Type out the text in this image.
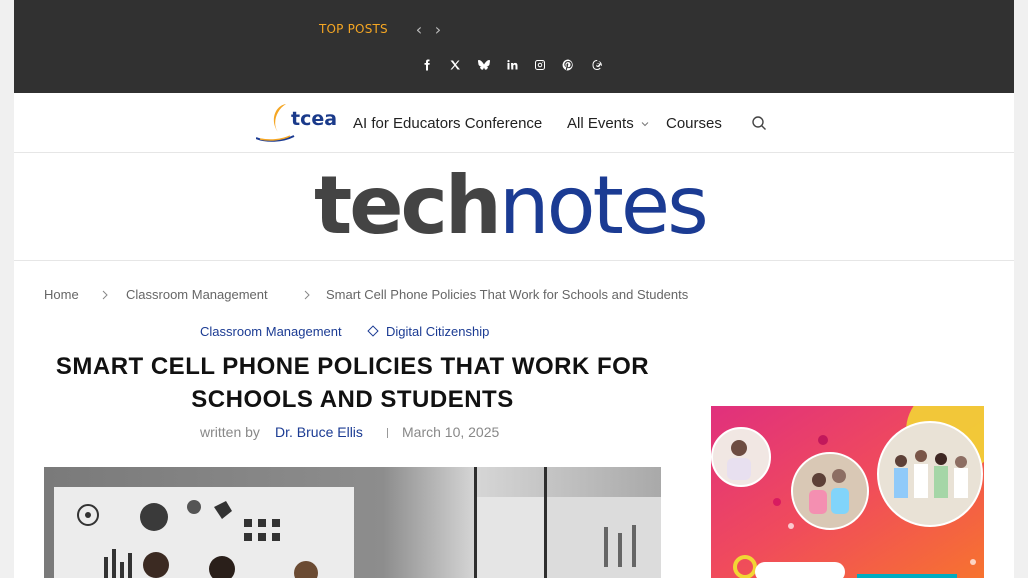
TOP POSTS ‹ ›
tcea AI for Educators Conference All Events Courses
technotes
Home	Classroom Management	Smart Cell Phone Policies That Work for Schools and Students
Classroom Management	Digital Citizenship
SMART CELL PHONE POLICIES THAT WORK FOR SCHOOLS AND STUDENTS
written by Dr. Bruce Ellis	March 10, 2025
